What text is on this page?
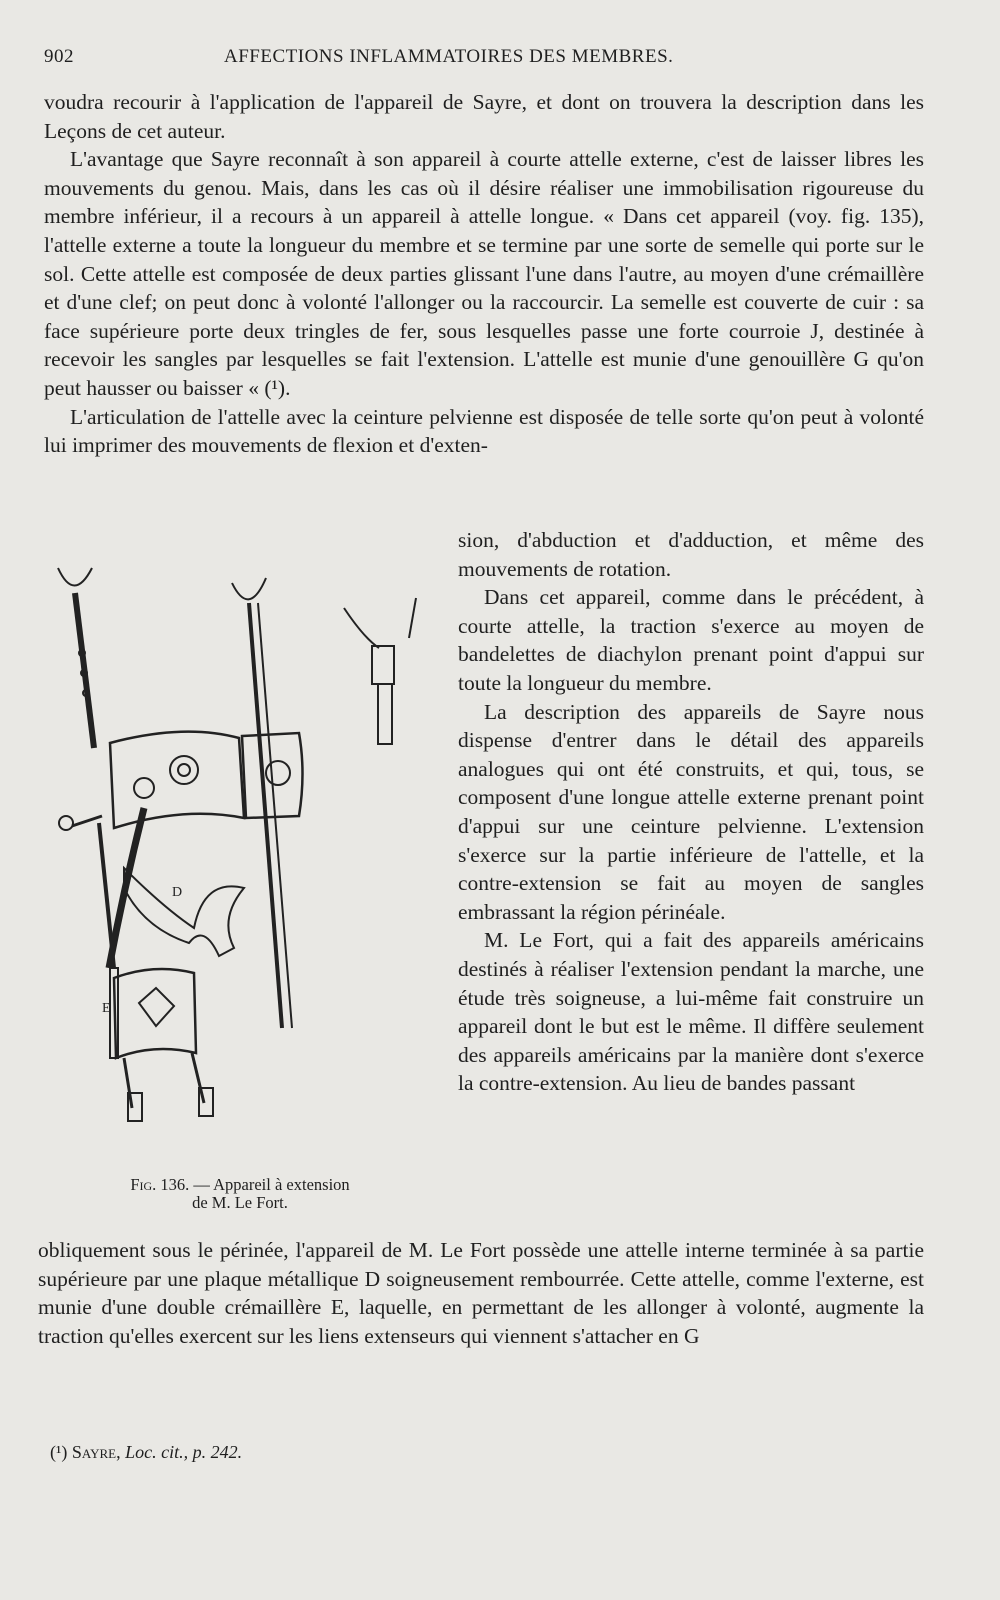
902	AFFECTIONS INFLAMMATOIRES DES MEMBRES.

voudra recourir à l'application de l'appareil de Sayre, et dont on trouvera la description dans les Leçons de cet auteur.

L'avantage que Sayre reconnaît à son appareil à courte attelle externe, c'est de laisser libres les mouvements du genou. Mais, dans les cas où il désire réaliser une immobilisation rigoureuse du membre inférieur, il a recours à un appareil à attelle longue. « Dans cet appareil (voy. fig. 135), l'attelle externe a toute la longueur du membre et se termine par une sorte de semelle qui porte sur le sol. Cette attelle est composée de deux parties glissant l'une dans l'autre, au moyen d'une crémaillère et d'une clef; on peut donc à volonté l'allonger ou la raccourcir. La semelle est couverte de cuir : sa face supérieure porte deux tringles de fer, sous lesquelles passe une forte courroie J, destinée à recevoir les sangles par lesquelles se fait l'extension. L'attelle est munie d'une genouillère G qu'on peut hausser ou baisser « (¹).

L'articulation de l'attelle avec la ceinture pelvienne est disposée de telle sorte qu'on peut à volonté lui imprimer des mouvements de flexion et d'exten-

D
E
Fig. 136. — Appareil à extension
de M. Le Fort.

sion, d'abduction et d'adduction, et même des mouvements de rotation.

Dans cet appareil, comme dans le précédent, à courte attelle, la traction s'exerce au moyen de bandelettes de diachylon prenant point d'appui sur toute la longueur du membre.

La description des appareils de Sayre nous dispense d'entrer dans le détail des appareils analogues qui ont été construits, et qui, tous, se composent d'une longue attelle externe prenant point d'appui sur une ceinture pelvienne. L'extension s'exerce sur la partie inférieure de l'attelle, et la contre-extension se fait au moyen de sangles embrassant la région périnéale.

M. Le Fort, qui a fait des appareils américains destinés à réaliser l'extension pendant la marche, une étude très soigneuse, a lui-même fait construire un appareil dont le but est le même. Il diffère seulement des appareils américains par la manière dont s'exerce la contre-extension. Au lieu de bandes passant

obliquement sous le périnée, l'appareil de M. Le Fort possède une attelle interne terminée à sa partie supérieure par une plaque métallique D soigneusement rembourrée. Cette attelle, comme l'externe, est munie d'une double crémaillère E, laquelle, en permettant de les allonger à volonté, augmente la traction qu'elles exercent sur les liens extenseurs qui viennent s'attacher en G

(¹) Sayre, Loc. cit., p. 242.
